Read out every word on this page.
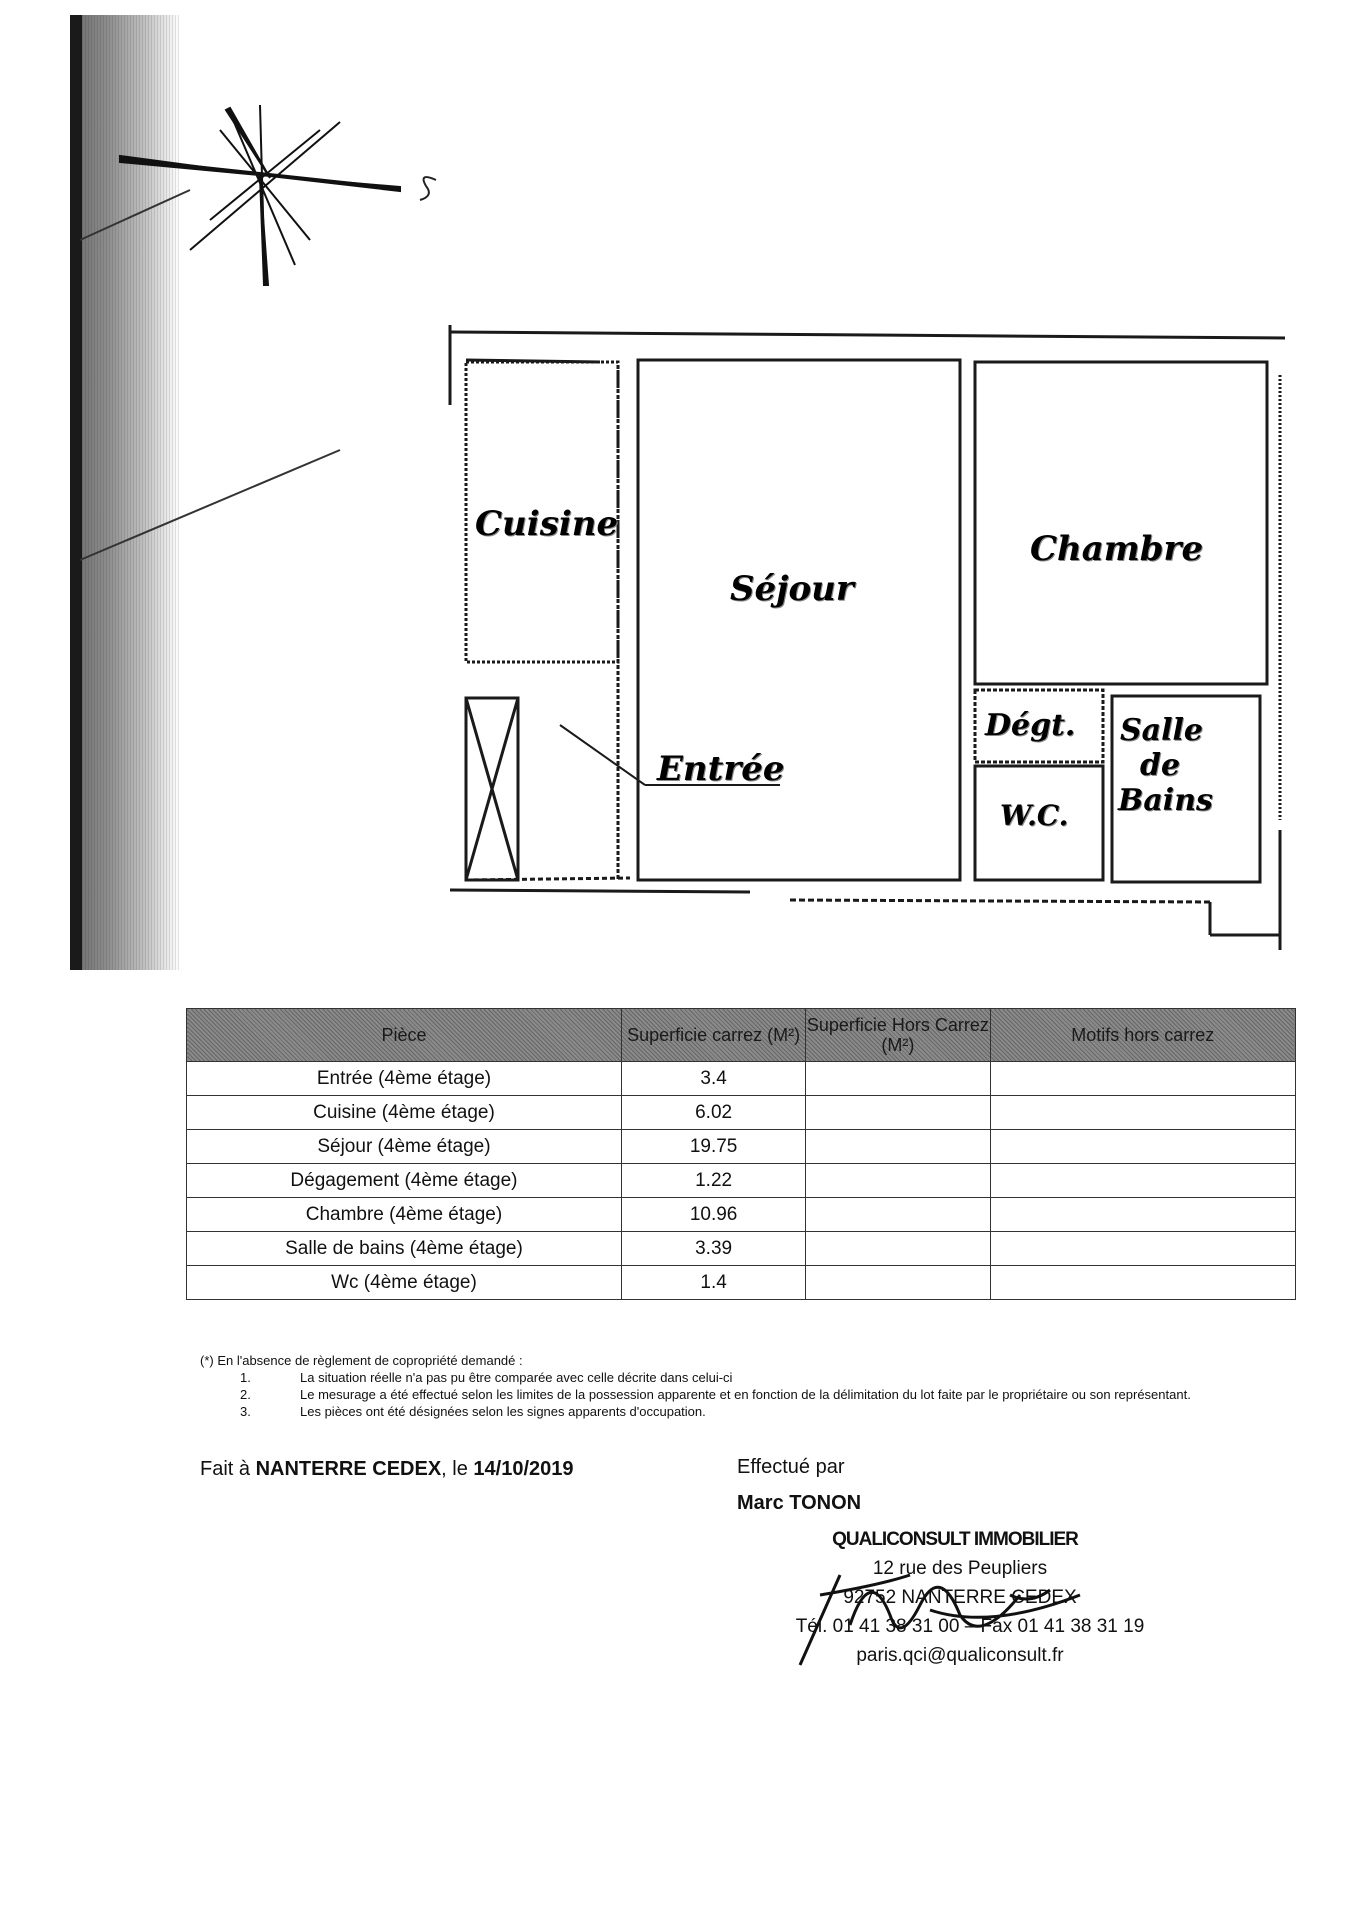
Cuisine
Séjour
Chambre
Entrée
Dégt. Salle
de
Bains
W.C.
Pièce	Superficie carrez (M²)	Superficie Hors Carrez (M²)	Motifs hors carrez
Entrée (4ème étage)	3.4		
Cuisine (4ème étage)	6.02		
Séjour (4ème étage)	19.75		
Dégagement (4ème étage)	1.22		
Chambre (4ème étage)	10.96		
Salle de bains (4ème étage)	3.39		
Wc (4ème étage)	1.4		
(*) En l'absence de règlement de copropriété demandé :
1.	La situation réelle n'a pas pu être comparée avec celle décrite dans celui-ci
2.	Le mesurage a été effectué selon les limites de la possession apparente et en fonction de la délimitation du lot faite par le propriétaire ou son représentant.
3.	Les pièces ont été désignées selon les signes apparents d'occupation.
Fait à NANTERRE CEDEX, le 14/10/2019	Effectué par
Marc TONON
QUALICONSULT IMMOBILIER
12 rue des Peupliers
92752 NANTERRE CEDEX
Tél. 01 41 38 31 00 – Fax 01 41 38 31 19
paris.qci@qualiconsult.fr
